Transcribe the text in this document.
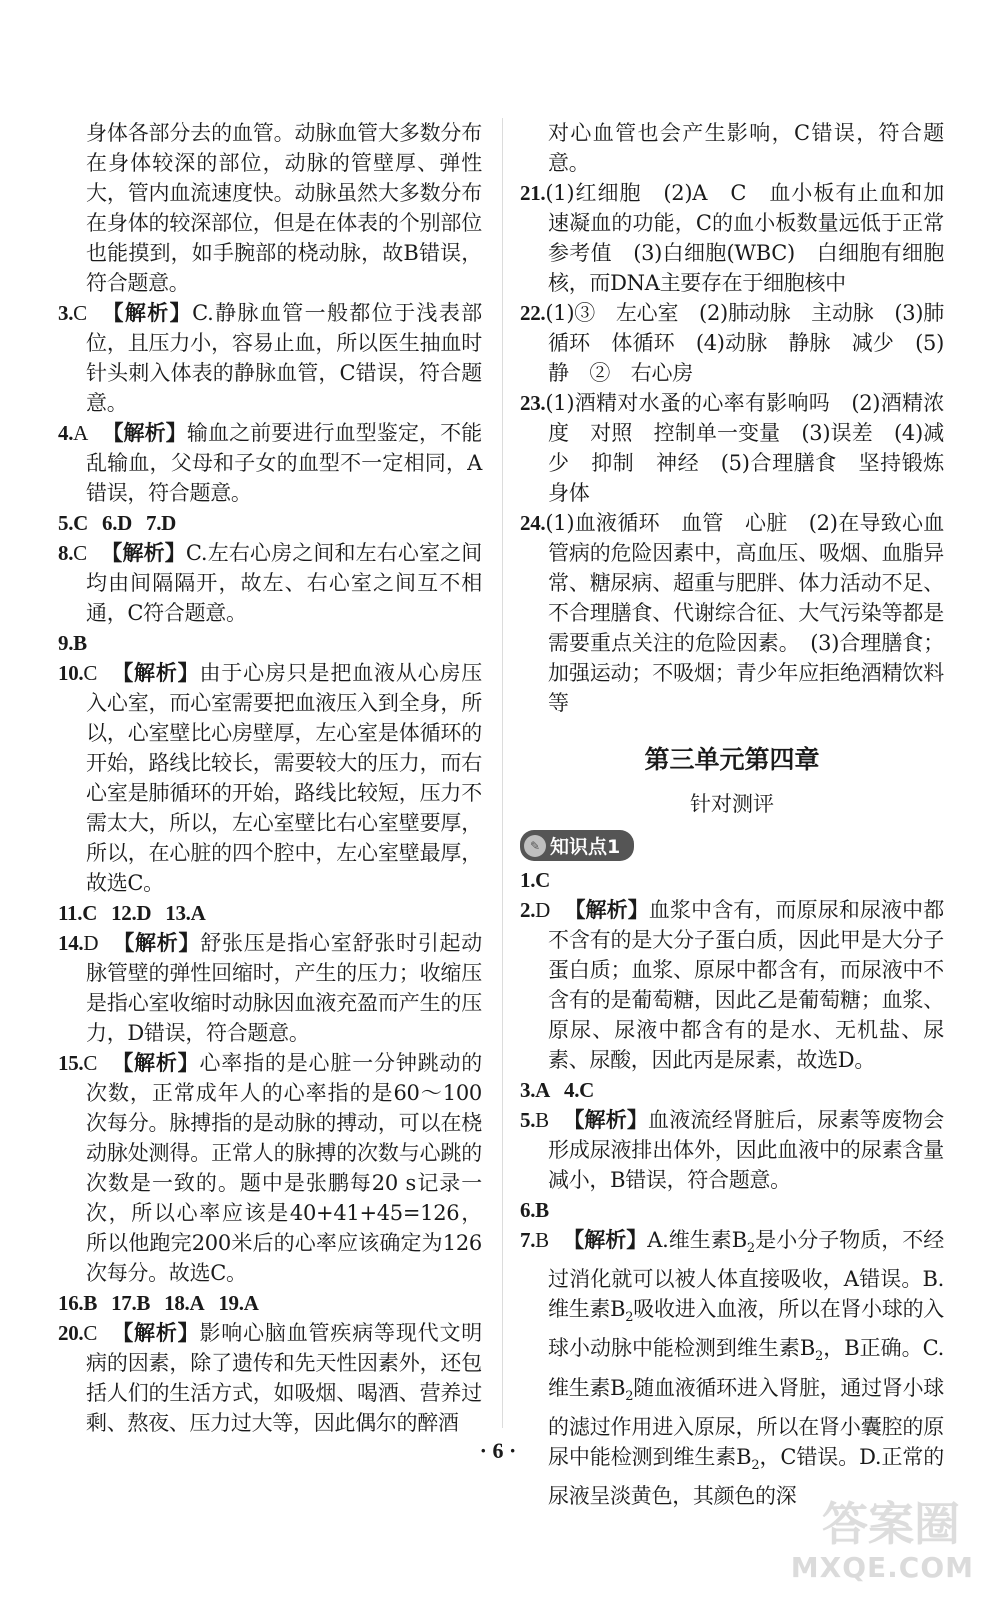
身体各部分去的血管。动脉血管大多数分布在身体较深的部位，动脉的管壁厚、弹性大，管内血流速度快。动脉虽然大多数分布在身体的较深部位，但是在体表的个别部位也能摸到，如手腕部的桡动脉，故B错误，符合题意。

3.C 【解析】C.静脉血管一般都位于浅表部位，且压力小，容易止血，所以医生抽血时针头刺入体表的静脉血管，C错误，符合题意。

4.A 【解析】输血之前要进行血型鉴定，不能乱输血，父母和子女的血型不一定相同，A错误，符合题意。

5.C 6.D 7.D

8.C 【解析】C.左右心房之间和左右心室之间均由间隔隔开，故左、右心室之间互不相通，C符合题意。

9.B

10.C 【解析】由于心房只是把血液从心房压入心室，而心室需要把血液压入到全身，所以，心室壁比心房壁厚，左心室是体循环的开始，路线比较长，需要较大的压力，而右心室是肺循环的开始，路线比较短，压力不需太大，所以，左心室壁比右心室壁要厚，所以，在心脏的四个腔中，左心室壁最厚，故选C。

11.C 12.D 13.A

14.D 【解析】舒张压是指心室舒张时引起动脉管壁的弹性回缩时，产生的压力；收缩压是指心室收缩时动脉因血液充盈而产生的压力，D错误，符合题意。

15.C 【解析】心率指的是心脏一分钟跳动的次数，正常成年人的心率指的是60～100次每分。脉搏指的是动脉的搏动，可以在桡动脉处测得。正常人的脉搏的次数与心跳的次数是一致的。题中是张鹏每20 s记录一次，所以心率应该是40+41+45=126，所以他跑完200米后的心率应该确定为126次每分。故选C。

16.B 17.B 18.A 19.A

20.C 【解析】影响心脑血管疾病等现代文明病的因素，除了遗传和先天性因素外，还包括人们的生活方式，如吸烟、喝酒、营养过剩、熬夜、压力过大等，因此偶尔的醉酒

对心血管也会产生影响，C错误，符合题意。

21.(1)红细胞　(2)A　C　血小板有止血和加速凝血的功能，C的血小板数量远低于正常参考值　(3)白细胞(WBC)　白细胞有细胞核，而DNA主要存在于细胞核中

22.(1)③　左心室　(2)肺动脉　主动脉　(3)肺循环　体循环　(4)动脉　静脉　减少　(5)静　②　右心房

23.(1)酒精对水蚤的心率有影响吗　(2)酒精浓度　对照　控制单一变量　(3)误差　(4)减少　抑制　神经　(5)合理膳食　坚持锻炼身体

24.(1)血液循环　血管　心脏　(2)在导致心血管病的危险因素中，高血压、吸烟、血脂异常、糖尿病、超重与肥胖、体力活动不足、不合理膳食、代谢综合征、大气污染等都是需要重点关注的危险因素。　(3)合理膳食；加强运动；不吸烟；青少年应拒绝酒精饮料等

第三单元第四章
针对测评
✎ 知识点1

1.C

2.D 【解析】血浆中含有，而原尿和尿液中都不含有的是大分子蛋白质，因此甲是大分子蛋白质；血浆、原尿中都含有，而尿液中不含有的是葡萄糖，因此乙是葡萄糖；血浆、原尿、尿液中都含有的是水、无机盐、尿素、尿酸，因此丙是尿素，故选D。

3.A 4.C

5.B 【解析】血液流经肾脏后，尿素等废物会形成尿液排出体外，因此血液中的尿素含量减小，B错误，符合题意。

6.B

7.B 【解析】A.维生素$B_2$是小分子物质，不经过消化就可以被人体直接吸收，A错误。B.维生素$B_2$吸收进入血液，所以在肾小球的入球小动脉中能检测到维生素$B_2$，B正确。C.维生素$B_2$随血液循环进入肾脏，通过肾小球的滤过作用进入原尿，所以在肾小囊腔的原尿中能检测到维生素$B_2$，C错误。D.正常的尿液呈淡黄色，其颜色的深

· 6 ·
答案圈
MXQE.COM
